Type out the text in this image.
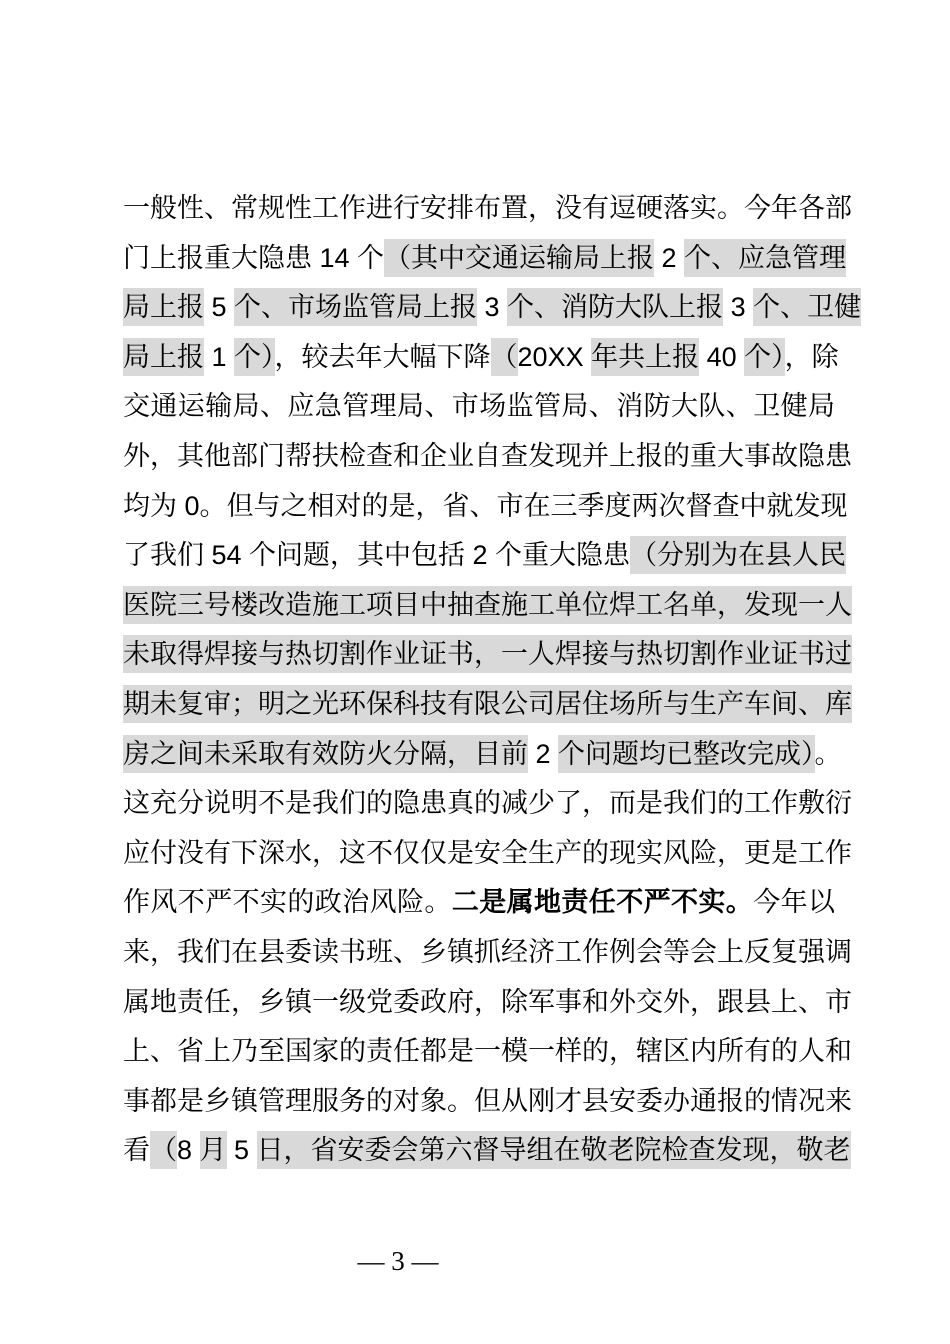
一般性、常规性工作进行安排布置，没有逗硬落实。今年各部
门上报重大隐患 14 个（其中交通运输局上报 2 个、应急管理
局上报 5 个、市场监管局上报 3 个、消防大队上报 3 个、卫健
局上报 1 个），较去年大幅下降（20XX 年共上报 40 个），除
交通运输局、应急管理局、市场监管局、消防大队、卫健局
外，其他部门帮扶检查和企业自查发现并上报的重大事故隐患
均为 0。但与之相对的是，省、市在三季度两次督查中就发现
了我们 54 个问题，其中包括 2 个重大隐患（分别为在县人民
医院三号楼改造施工项目中抽查施工单位焊工名单，发现一人
未取得焊接与热切割作业证书，一人焊接与热切割作业证书过
期未复审；明之光环保科技有限公司居住场所与生产车间、库
房之间未采取有效防火分隔，目前 2 个问题均已整改完成）。
这充分说明不是我们的隐患真的减少了，而是我们的工作敷衍
应付没有下深水，这不仅仅是安全生产的现实风险，更是工作
作风不严不实的政治风险。二是属地责任不严不实。今年以
来，我们在县委读书班、乡镇抓经济工作例会等会上反复强调
属地责任，乡镇一级党委政府，除军事和外交外，跟县上、市
上、省上乃至国家的责任都是一模一样的，辖区内所有的人和
事都是乡镇管理服务的对象。但从刚才县安委办通报的情况来
看（8 月 5 日，省安委会第六督导组在敬老院检查发现，敬老
— 3 —
